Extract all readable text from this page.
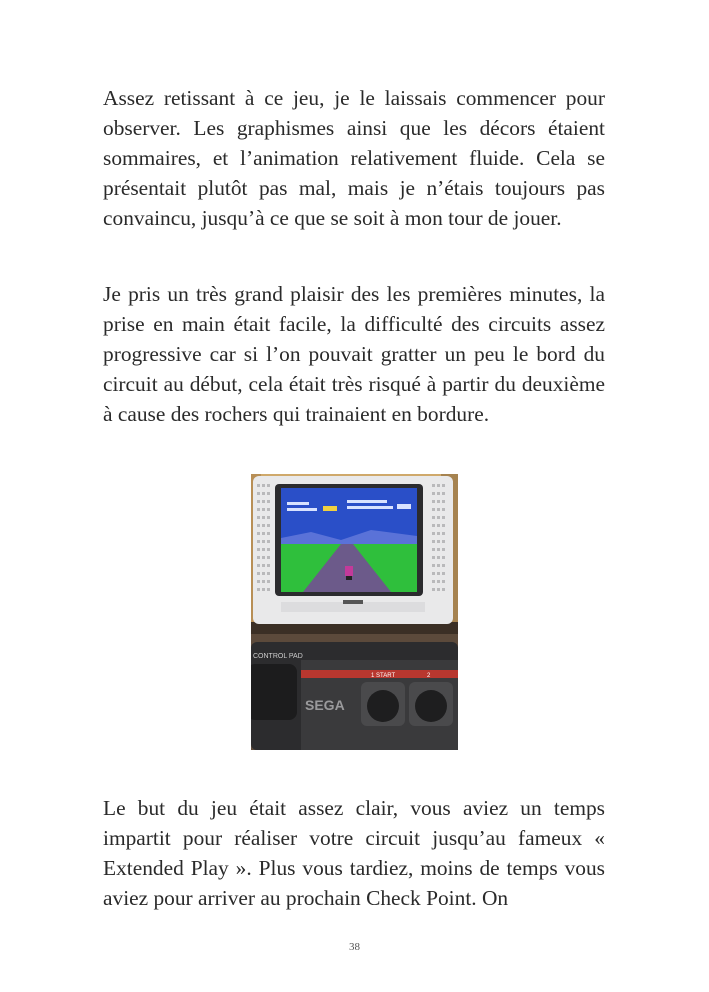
Assez retissant à ce jeu, je le laissais commencer pour observer. Les graphismes ainsi que les décors étaient sommaires, et l’animation relativement fluide. Cela se présentait plutôt pas mal, mais je n’étais toujours pas convaincu, jusqu’à ce que se soit à mon tour de jouer.

Je pris un très grand plaisir des les premières minutes, la prise en main était facile, la difficulté des circuits assez progressive car si l’on pouvait gratter un peu le bord du circuit au début, cela était très risqué à partir du deuxième à cause des rochers qui trainaient en bordure.

CONTROL PAD
1 START	2
SEGA

Le but du jeu était assez clair, vous aviez un temps impartit pour réaliser votre circuit jusqu’au fameux « Extended Play ». Plus vous tardiez, moins de temps vous aviez pour arriver au prochain Check Point. On

38
